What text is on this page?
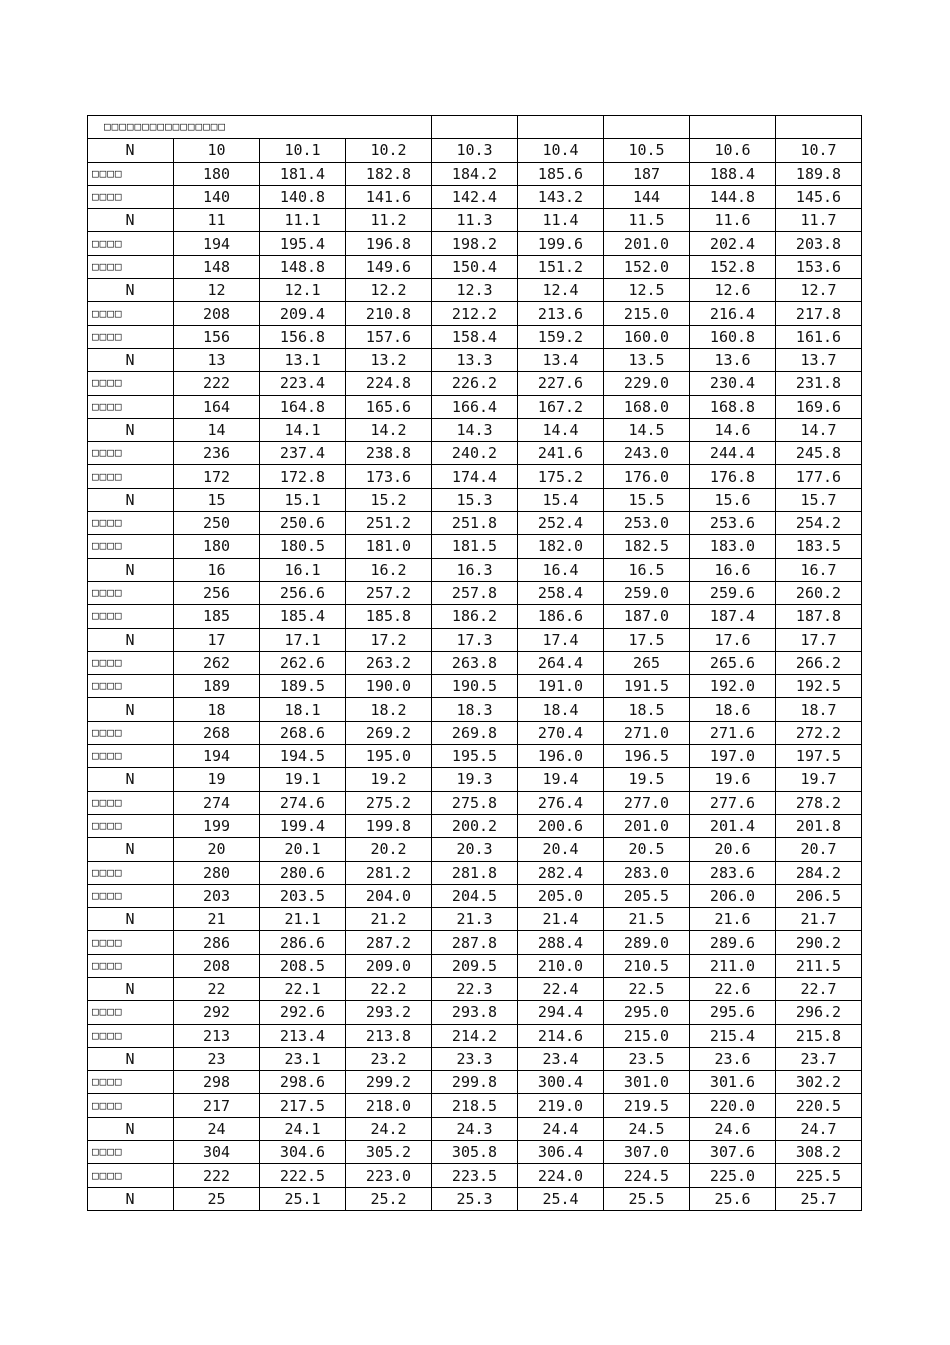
□□□□□□□□□□□□□□□□								
N	10	10.1	10.2	10.3	10.4	10.5	10.6	10.7
□□□□	180	181.4	182.8	184.2	185.6	187	188.4	189.8
□□□□	140	140.8	141.6	142.4	143.2	144	144.8	145.6
N	11	11.1	11.2	11.3	11.4	11.5	11.6	11.7
□□□□	194	195.4	196.8	198.2	199.6	201.0	202.4	203.8
□□□□	148	148.8	149.6	150.4	151.2	152.0	152.8	153.6
N	12	12.1	12.2	12.3	12.4	12.5	12.6	12.7
□□□□	208	209.4	210.8	212.2	213.6	215.0	216.4	217.8
□□□□	156	156.8	157.6	158.4	159.2	160.0	160.8	161.6
N	13	13.1	13.2	13.3	13.4	13.5	13.6	13.7
□□□□	222	223.4	224.8	226.2	227.6	229.0	230.4	231.8
□□□□	164	164.8	165.6	166.4	167.2	168.0	168.8	169.6
N	14	14.1	14.2	14.3	14.4	14.5	14.6	14.7
□□□□	236	237.4	238.8	240.2	241.6	243.0	244.4	245.8
□□□□	172	172.8	173.6	174.4	175.2	176.0	176.8	177.6
N	15	15.1	15.2	15.3	15.4	15.5	15.6	15.7
□□□□	250	250.6	251.2	251.8	252.4	253.0	253.6	254.2
□□□□	180	180.5	181.0	181.5	182.0	182.5	183.0	183.5
N	16	16.1	16.2	16.3	16.4	16.5	16.6	16.7
□□□□	256	256.6	257.2	257.8	258.4	259.0	259.6	260.2
□□□□	185	185.4	185.8	186.2	186.6	187.0	187.4	187.8
N	17	17.1	17.2	17.3	17.4	17.5	17.6	17.7
□□□□	262	262.6	263.2	263.8	264.4	265	265.6	266.2
□□□□	189	189.5	190.0	190.5	191.0	191.5	192.0	192.5
N	18	18.1	18.2	18.3	18.4	18.5	18.6	18.7
□□□□	268	268.6	269.2	269.8	270.4	271.0	271.6	272.2
□□□□	194	194.5	195.0	195.5	196.0	196.5	197.0	197.5
N	19	19.1	19.2	19.3	19.4	19.5	19.6	19.7
□□□□	274	274.6	275.2	275.8	276.4	277.0	277.6	278.2
□□□□	199	199.4	199.8	200.2	200.6	201.0	201.4	201.8
N	20	20.1	20.2	20.3	20.4	20.5	20.6	20.7
□□□□	280	280.6	281.2	281.8	282.4	283.0	283.6	284.2
□□□□	203	203.5	204.0	204.5	205.0	205.5	206.0	206.5
N	21	21.1	21.2	21.3	21.4	21.5	21.6	21.7
□□□□	286	286.6	287.2	287.8	288.4	289.0	289.6	290.2
□□□□	208	208.5	209.0	209.5	210.0	210.5	211.0	211.5
N	22	22.1	22.2	22.3	22.4	22.5	22.6	22.7
□□□□	292	292.6	293.2	293.8	294.4	295.0	295.6	296.2
□□□□	213	213.4	213.8	214.2	214.6	215.0	215.4	215.8
N	23	23.1	23.2	23.3	23.4	23.5	23.6	23.7
□□□□	298	298.6	299.2	299.8	300.4	301.0	301.6	302.2
□□□□	217	217.5	218.0	218.5	219.0	219.5	220.0	220.5
N	24	24.1	24.2	24.3	24.4	24.5	24.6	24.7
□□□□	304	304.6	305.2	305.8	306.4	307.0	307.6	308.2
□□□□	222	222.5	223.0	223.5	224.0	224.5	225.0	225.5
N	25	25.1	25.2	25.3	25.4	25.5	25.6	25.7
